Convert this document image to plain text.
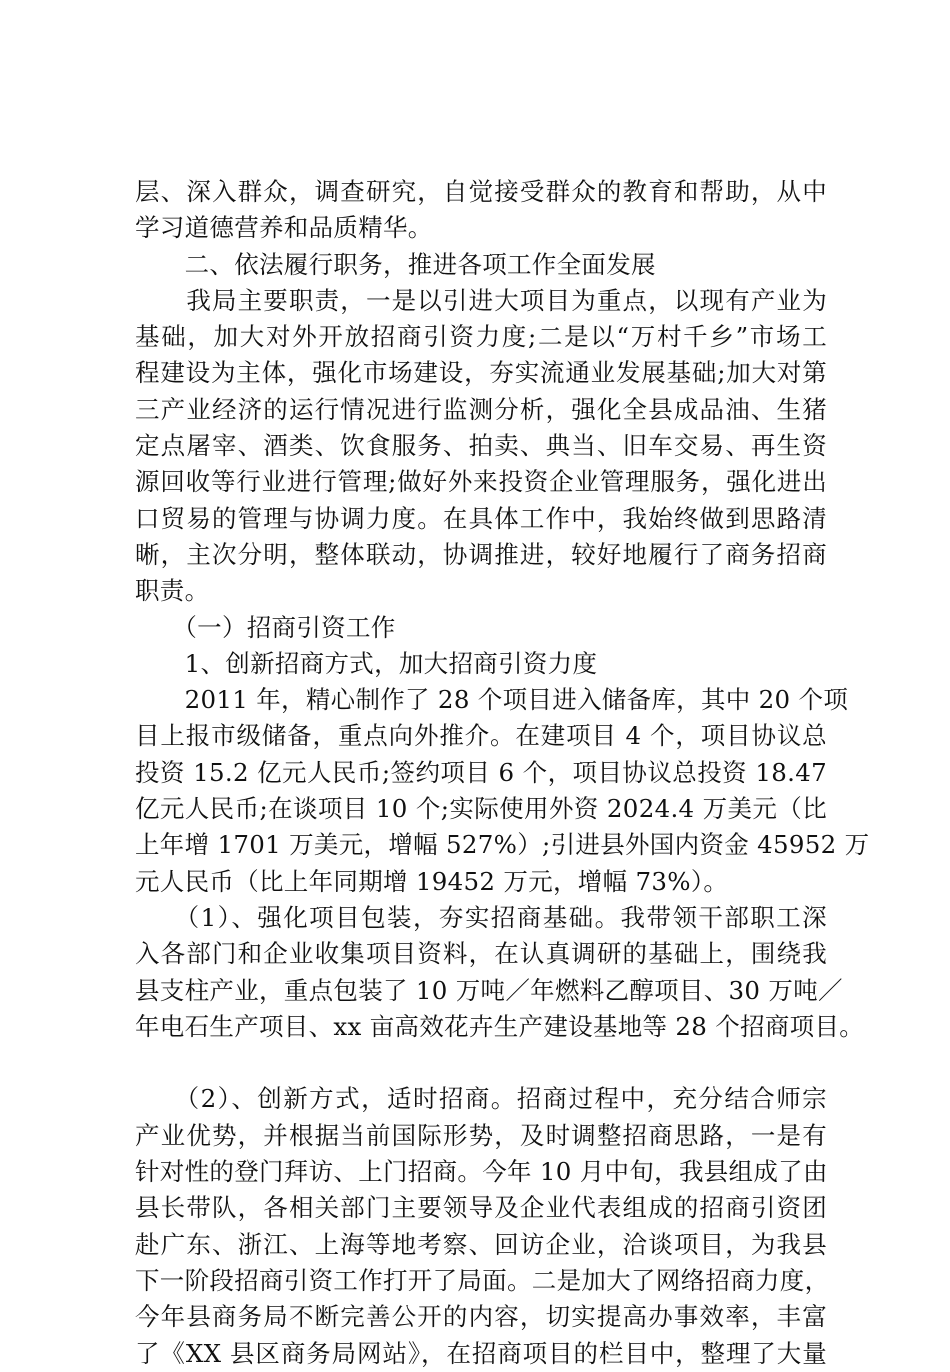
层、深入群众，调查研究，自觉接受群众的教育和帮助，从中
学习道德营养和品质精华。
　　二、依法履行职务，推进各项工作全面发展
　　我局主要职责，一是以引进大项目为重点，以现有产业为
基础，加大对外开放招商引资力度;二是以“万村千乡”市场工
程建设为主体，强化市场建设，夯实流通业发展基础;加大对第
三产业经济的运行情况进行监测分析，强化全县成品油、生猪
定点屠宰、酒类、饮食服务、拍卖、典当、旧车交易、再生资
源回收等行业进行管理;做好外来投资企业管理服务，强化进出
口贸易的管理与协调力度。在具体工作中，我始终做到思路清
晰，主次分明，整体联动，协调推进，较好地履行了商务招商
职责。
　　（一）招商引资工作
　　1、创新招商方式，加大招商引资力度
　　2011 年，精心制作了 28 个项目进入储备库，其中 20 个项
目上报市级储备，重点向外推介。在建项目 4 个，项目协议总
投资 15.2 亿元人民币;签约项目 6 个，项目协议总投资 18.47
亿元人民币;在谈项目 10 个;实际使用外资 2024.4 万美元（比
上年增 1701 万美元，增幅 527%）;引进县外国内资金 45952 万
元人民币（比上年同期增 19452 万元，增幅 73%）。
　　（1）、强化项目包装，夯实招商基础。我带领干部职工深
入各部门和企业收集项目资料，在认真调研的基础上，围绕我
县支柱产业，重点包装了 10 万吨／年燃料乙醇项目、30 万吨／
年电石生产项目、xx 亩高效花卉生产建设基地等 28 个招商项目。
　　（2）、创新方式，适时招商。招商过程中，充分结合师宗
产业优势，并根据当前国际形势，及时调整招商思路，一是有
针对性的登门拜访、上门招商。今年 10 月中旬，我县组成了由
县长带队，各相关部门主要领导及企业代表组成的招商引资团
赴广东、浙江、上海等地考察、回访企业，洽谈项目，为我县
下一阶段招商引资工作打开了局面。二是加大了网络招商力度，
今年县商务局不断完善公开的内容，切实提高办事效率，丰富
了《XX 县区商务局网站》，在招商项目的栏目中，整理了大量
